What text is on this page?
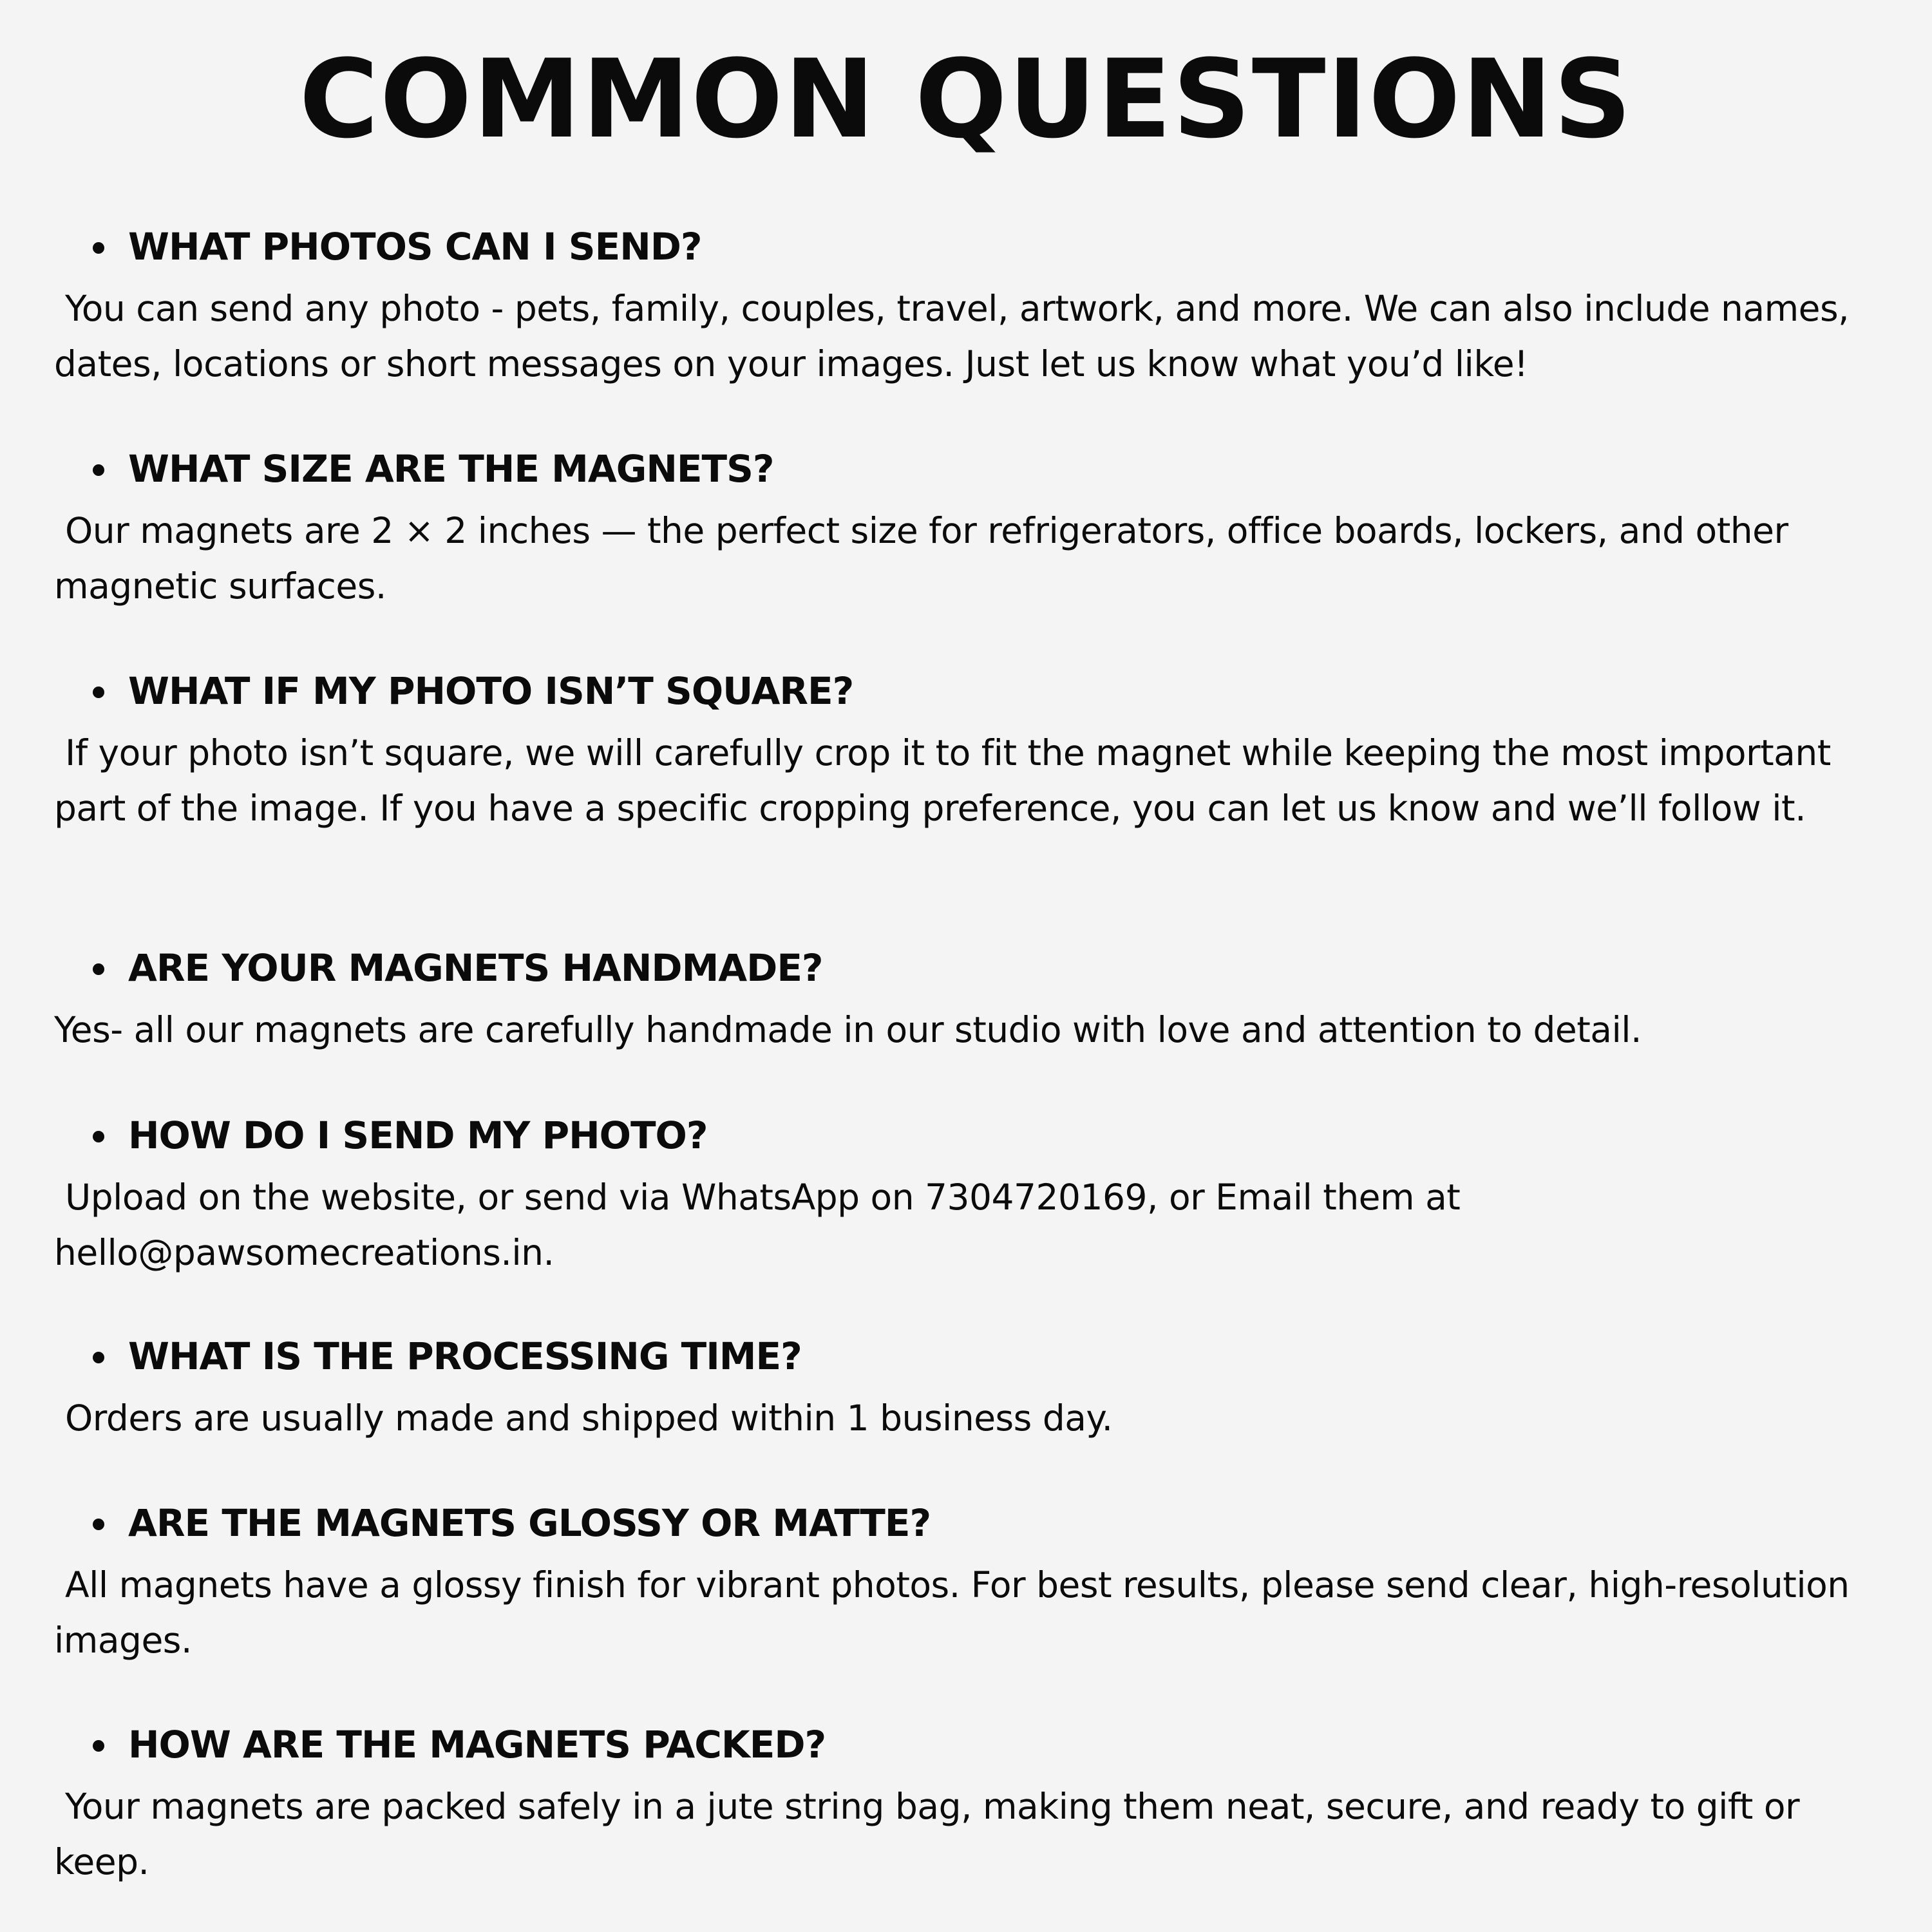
COMMON QUESTIONS
WHAT PHOTOS CAN I SEND?

You can send any photo - pets, family, couples, travel, artwork, and more. We can also include names, dates, locations or short messages on your images. Just let us know what you’d like!

WHAT SIZE ARE THE MAGNETS?

Our magnets are 2 × 2 inches — the perfect size for refrigerators, office boards, lockers, and other magnetic surfaces.

WHAT IF MY PHOTO ISN’T SQUARE?

If your photo isn’t square, we will carefully crop it to fit the magnet while keeping the most important part of the image. If you have a specific cropping preference, you can let us know and we’ll follow it.

ARE YOUR MAGNETS HANDMADE?

Yes- all our magnets are carefully handmade in our studio with love and attention to detail.

HOW DO I SEND MY PHOTO?

Upload on the website, or send via WhatsApp on 7304720169, or Email them at hello@pawsomecreations.in.

WHAT IS THE PROCESSING TIME?

Orders are usually made and shipped within 1 business day.

ARE THE MAGNETS GLOSSY OR MATTE?

All magnets have a glossy finish for vibrant photos. For best results, please send clear, high-resolution images.

HOW ARE THE MAGNETS PACKED?

Your magnets are packed safely in a jute string bag, making them neat, secure, and ready to gift or keep.
